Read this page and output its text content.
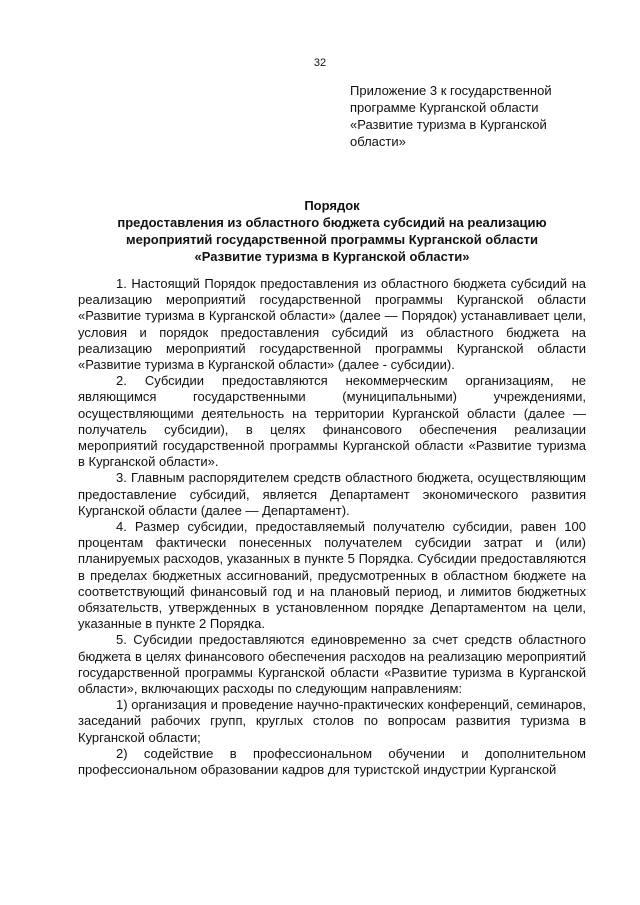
32
Приложение 3 к государственной
программе Курганской области
«Развитие туризма в Курганской
области»
Порядок
предоставления из областного бюджета субсидий на реализацию
мероприятий государственной программы Курганской области
«Развитие туризма в Курганской области»

1. Настоящий Порядок предоставления из областного бюджета субсидий на реализацию мероприятий государственной программы Курганской области «Развитие туризма в Курганской области» (далее — Порядок) устанавливает цели, условия и порядок предоставления субсидий из областного бюджета на реализацию мероприятий государственной программы Курганской области «Развитие туризма в Курганской области» (далее - субсидии).

2. Субсидии предоставляются некоммерческим организациям, не являющимся государственными (муниципальными) учреждениями, осуществляющими деятельность на территории Курганской области (далее — получатель субсидии), в целях финансового обеспечения реализации мероприятий государственной программы Курганской области «Развитие туризма в Курганской области».

3. Главным распорядителем средств областного бюджета, осуществляющим предоставление субсидий, является Департамент экономического развития Курганской области (далее — Департамент).

4. Размер субсидии, предоставляемый получателю субсидии, равен 100 процентам фактически понесенных получателем субсидии затрат и (или) планируемых расходов, указанных в пункте 5 Порядка. Субсидии предоставляются в пределах бюджетных ассигнований, предусмотренных в областном бюджете на соответствующий финансовый год и на плановый период, и лимитов бюджетных обязательств, утвержденных в установленном порядке Департаментом на цели, указанные в пункте 2 Порядка.

5. Субсидии предоставляются единовременно за счет средств областного бюджета в целях финансового обеспечения расходов на реализацию мероприятий государственной программы Курганской области «Развитие туризма в Курганской области», включающих расходы по следующим направлениям:

1) организация и проведение научно-практических конференций, семинаров, заседаний рабочих групп, круглых столов по вопросам развития туризма в Курганской области;

2) содействие в профессиональном обучении и дополнительном профессиональном образовании кадров для туристской индустрии Курганской
